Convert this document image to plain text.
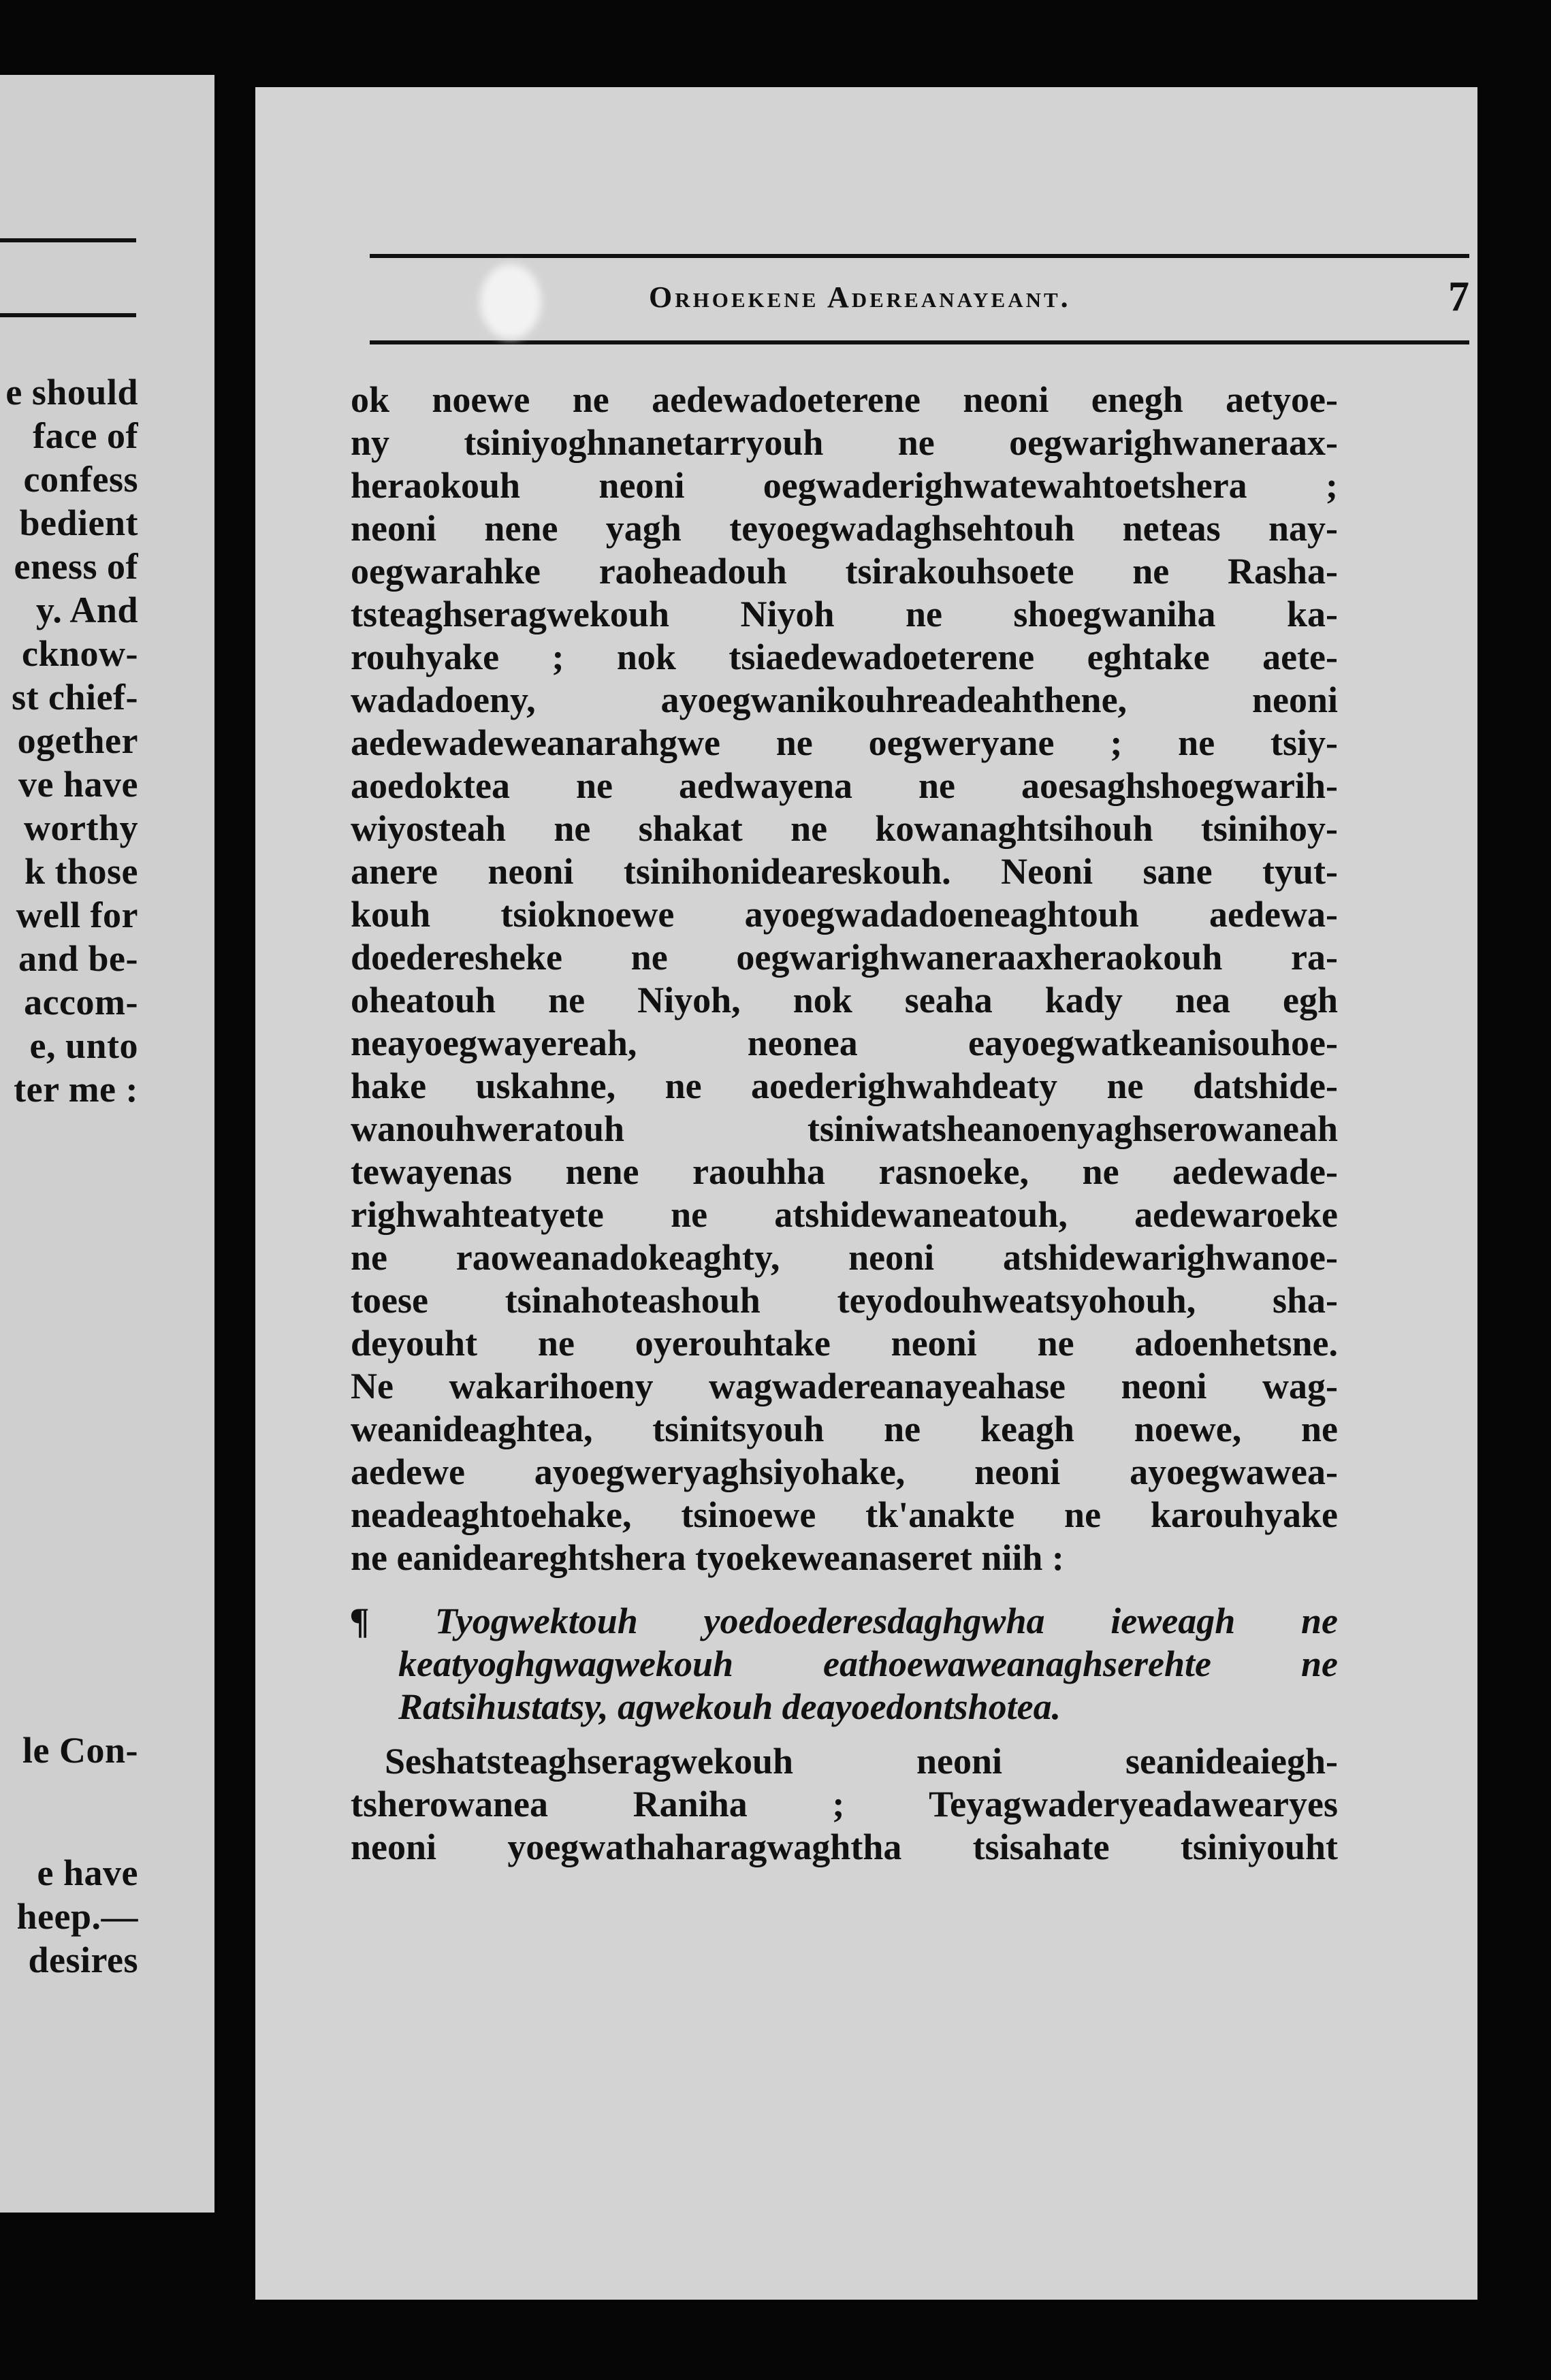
e should
face of
confess
bedient
eness of
y. And
cknow-
st chief-
ogether
ve have
worthy
k those
well for
and be-
accom-
e, unto
ter me :
le Con-
e have
heep.—
desires
Orhoekene Adereanayeant.	7
ok noewe ne aedewadoeterene neoni enegh aetyoe-
ny tsiniyoghnanetarryouh ne oegwarighwaneraax-
heraokouh neoni oegwaderighwatewahtoetshera ;
neoni nene yagh teyoegwadaghsehtouh neteas nay-
oegwarahke raoheadouh tsirakouhsoete ne Rasha-
tsteaghseragwekouh Niyoh ne shoegwaniha ka-
rouhyake ; nok tsiaedewadoeterene eghtake aete-
wadadoeny, ayoegwanikouhreadeahthene, neoni
aedewadeweanarahgwe ne oegweryane ; ne tsiy-
aoedoktea ne aedwayena ne aoesaghshoegwarih-
wiyosteah ne shakat ne kowanaghtsihouh tsinihoy-
anere neoni tsinihonideareskouh. Neoni sane tyut-
kouh tsioknoewe ayoegwadadoeneaghtouh aedewa-
doederesheke ne oegwarighwaneraaxheraokouh ra-
oheatouh ne Niyoh, nok seaha kady nea egh
neayoegwayereah, neonea eayoegwatkeanisouhoe-
hake uskahne, ne aoederighwahdeaty ne datshide-
wanouhweratouh tsiniwatsheanoenyaghserowaneah
tewayenas nene raouhha rasnoeke, ne aedewade-
righwahteatyete ne atshidewaneatouh, aedewaroeke
ne raoweanadokeaghty, neoni atshidewarighwanoe-
toese tsinahoteashouh teyodouhweatsyohouh, sha-
deyouht ne oyerouhtake neoni ne adoenhetsne.
Ne wakarihoeny wagwadereanayeahase neoni wag-
weanideaghtea, tsinitsyouh ne keagh noewe, ne
aedewe ayoegweryaghsiyohake, neoni ayoegwawea-
neadeaghtoehake, tsinoewe tk'anakte ne karouhyake
ne eanideareghtshera tyoekeweanaseret niih :
¶ Tyogwektouh yoedoederesdaghgwha ieweagh ne
keatyoghgwagwekouh eathoewaweanaghserehte ne
Ratsihustatsy, agwekouh deayoedontshotea.
Seshatsteaghseragwekouh neoni seanideaiegh-
tsherowanea Raniha ; Teyagwaderyeadawearyes
neoni yoegwathaharagwaghtha tsisahate tsiniyouht
